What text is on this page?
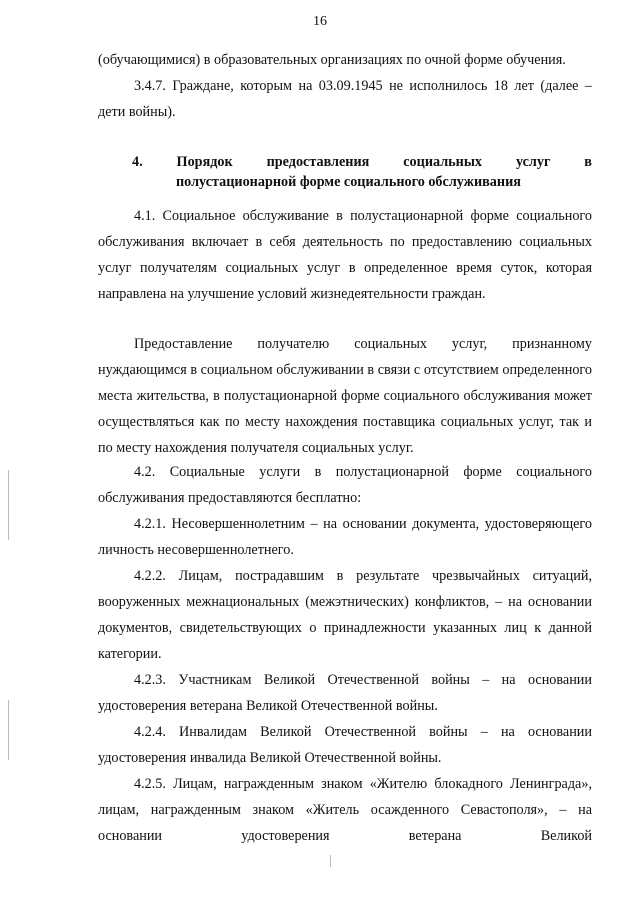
16
(обучающимися) в образовательных организациях по очной форме обучения.
3.4.7. Граждане, которым на 03.09.1945 не исполнилось 18 лет (далее – дети войны).
4. Порядок предоставления социальных услуг в
полустационарной форме социального обслуживания
4.1. Социальное обслуживание в полустационарной форме социального обслуживания включает в себя деятельность по предоставлению социальных услуг получателям социальных услуг в определенное время суток, которая направлена на улучшение условий жизнедеятельности граждан.
Предоставление получателю социальных услуг, признанному нуждающимся в социальном обслуживании в связи с отсутствием определенного места жительства, в полустационарной форме социального обслуживания может осуществляться как по месту нахождения поставщика социальных услуг, так и по месту нахождения получателя социальных услуг.
4.2. Социальные услуги в полустационарной форме социального обслуживания предоставляются бесплатно:
4.2.1. Несовершеннолетним – на основании документа, удостоверяющего личность несовершеннолетнего.
4.2.2. Лицам, пострадавшим в результате чрезвычайных ситуаций, вооруженных межнациональных (межэтнических) конфликтов, – на основании документов, свидетельствующих о принадлежности указанных лиц к данной категории.
4.2.3. Участникам Великой Отечественной войны – на основании удостоверения ветерана Великой Отечественной войны.
4.2.4. Инвалидам Великой Отечественной войны – на основании удостоверения инвалида Великой Отечественной войны.
4.2.5. Лицам, награжденным знаком «Жителю блокадного Ленинграда», лицам, награжденным знаком «Житель осажденного Севастополя», – на основании удостоверения ветерана Великой
